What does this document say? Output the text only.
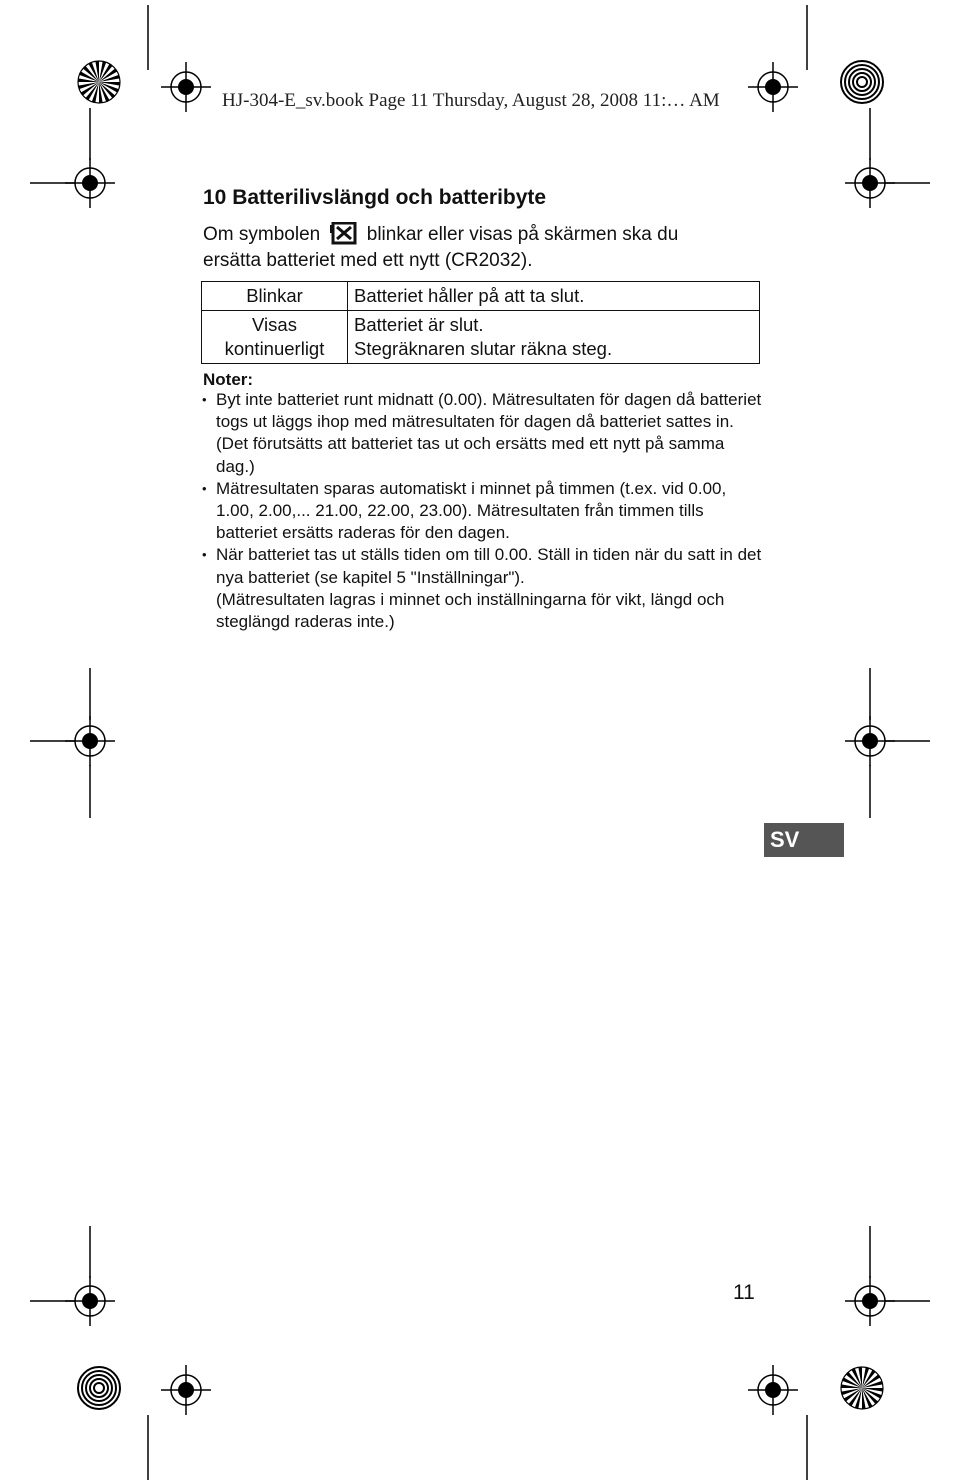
HJ-304-E_sv.book Page 11 Thursday, August 28, 2008 11:… AM
10 Batterilivslängd och batteribyte
Om symbolen blinkar eller visas på skärmen ska du
ersätta batteriet med ett nytt (CR2032).
Blinkar	Batteriet håller på att ta slut.
Visas
kontinuerligt	Batteriet är slut.
Stegräknaren slutar räkna steg.
Noter:
• Byt inte batteriet runt midnatt (0.00). Mätresultaten för dagen då batteriet togs ut läggs ihop med mätresultaten för dagen då batteriet sattes in.
(Det förutsätts att batteriet tas ut och ersätts med ett nytt på samma dag.)
• Mätresultaten sparas automatiskt i minnet på timmen (t.ex. vid 0.00, 1.00, 2.00,... 21.00, 22.00, 23.00). Mätresultaten från timmen tills batteriet ersätts raderas för den dagen.
• När batteriet tas ut ställs tiden om till 0.00. Ställ in tiden när du satt in det nya batteriet (se kapitel 5 "Inställningar").
(Mätresultaten lagras i minnet och inställningarna för vikt, längd och steglängd raderas inte.)
SV
11
